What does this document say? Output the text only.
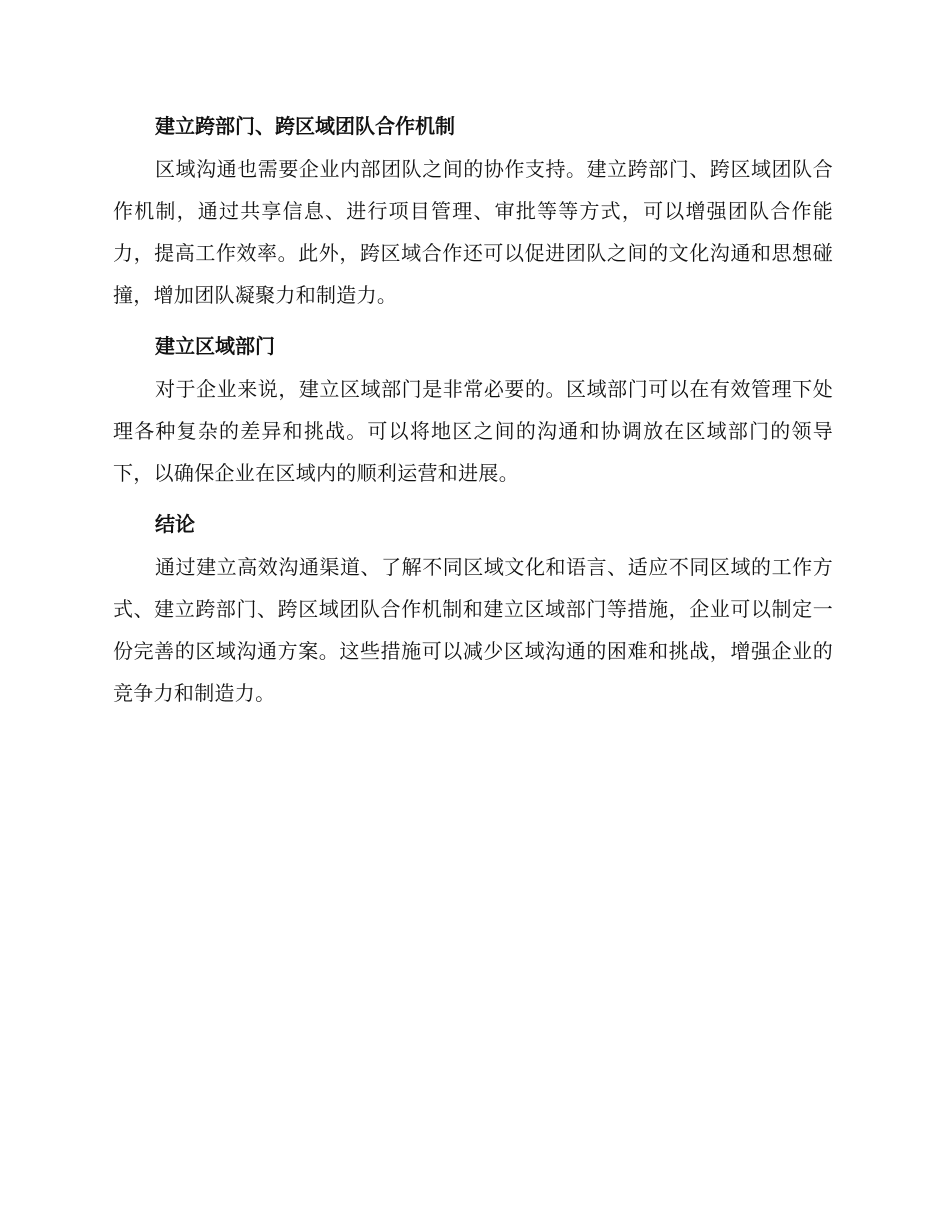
建立跨部门、跨区域团队合作机制

区域沟通也需要企业内部团队之间的协作支持。建立跨部门、跨区域团队合作机制，通过共享信息、进行项目管理、审批等等方式，可以增强团队合作能力，提高工作效率。此外，跨区域合作还可以促进团队之间的文化沟通和思想碰撞，增加团队凝聚力和制造力。

建立区域部门

对于企业来说，建立区域部门是非常必要的。区域部门可以在有效管理下处理各种复杂的差异和挑战。可以将地区之间的沟通和协调放在区域部门的领导下，以确保企业在区域内的顺利运营和进展。

结论

通过建立高效沟通渠道、了解不同区域文化和语言、适应不同区域的工作方式、建立跨部门、跨区域团队合作机制和建立区域部门等措施，企业可以制定一份完善的区域沟通方案。这些措施可以减少区域沟通的困难和挑战，增强企业的竞争力和制造力。
